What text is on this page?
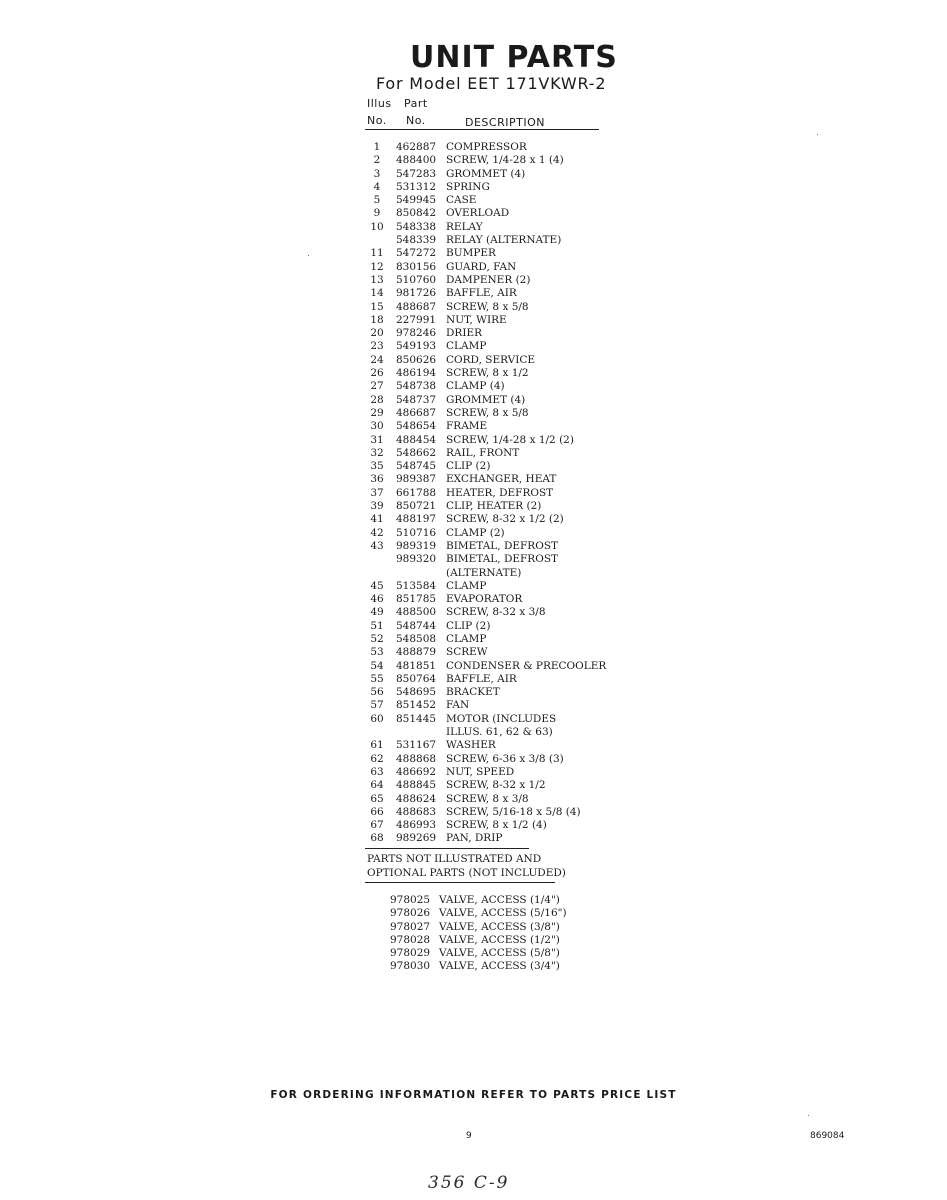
UNIT PARTS
For Model EET 171VKWR-2
Illus Part
No. No.	DESCRIPTION
1	462887 COMPRESSOR
2	488400 SCREW, 1/4-28 x 1 (4)
3	547283 GROMMET (4)
4	531312 SPRING
5	549945 CASE
9	850842 OVERLOAD
10	548338 RELAY
548339 RELAY (ALTERNATE)
11	547272 BUMPER
12	830156 GUARD, FAN
13	510760 DAMPENER (2)
14	981726 BAFFLE, AIR
15	488687 SCREW, 8 x 5/8
18	227991 NUT, WIRE
20	978246 DRIER
23	549193 CLAMP
24	850626 CORD, SERVICE
26	486194 SCREW, 8 x 1/2
27	548738 CLAMP (4)
28	548737 GROMMET (4)
29	486687 SCREW, 8 x 5/8
30	548654 FRAME
31	488454 SCREW, 1/4-28 x 1/2 (2)
32	548662 RAIL, FRONT
35	548745 CLIP (2)
36	989387 EXCHANGER, HEAT
37	661788 HEATER, DEFROST
39	850721 CLIP, HEATER (2)
41	488197 SCREW, 8-32 x 1/2 (2)
42	510716 CLAMP (2)
43	989319 BIMETAL, DEFROST
989320 BIMETAL, DEFROST
(ALTERNATE)
45	513584 CLAMP
46	851785 EVAPORATOR
49	488500 SCREW, 8-32 x 3/8
51	548744 CLIP (2)
52	548508 CLAMP
53	488879 SCREW
54	481851 CONDENSER & PRECOOLER
55	850764 BAFFLE, AIR
56	548695 BRACKET
57	851452 FAN
60	851445 MOTOR (INCLUDES
ILLUS. 61, 62 & 63)
61	531167 WASHER
62	488868 SCREW, 6-36 x 3/8 (3)
63	486692 NUT, SPEED
64	488845 SCREW, 8-32 x 1/2
65	488624 SCREW, 8 x 3/8
66	488683 SCREW, 5/16-18 x 5/8 (4)
67	486993 SCREW, 8 x 1/2 (4)
68	989269 PAN, DRIP
PARTS NOT ILLUSTRATED AND
OPTIONAL PARTS (NOT INCLUDED)
978025 VALVE, ACCESS (1/4")
978026 VALVE, ACCESS (5/16")
978027 VALVE, ACCESS (3/8")
978028 VALVE, ACCESS (1/2")
978029 VALVE, ACCESS (5/8")
978030 VALVE, ACCESS (3/4")
FOR ORDERING INFORMATION REFER TO PARTS PRICE LIST
9	869084
356 C-9
